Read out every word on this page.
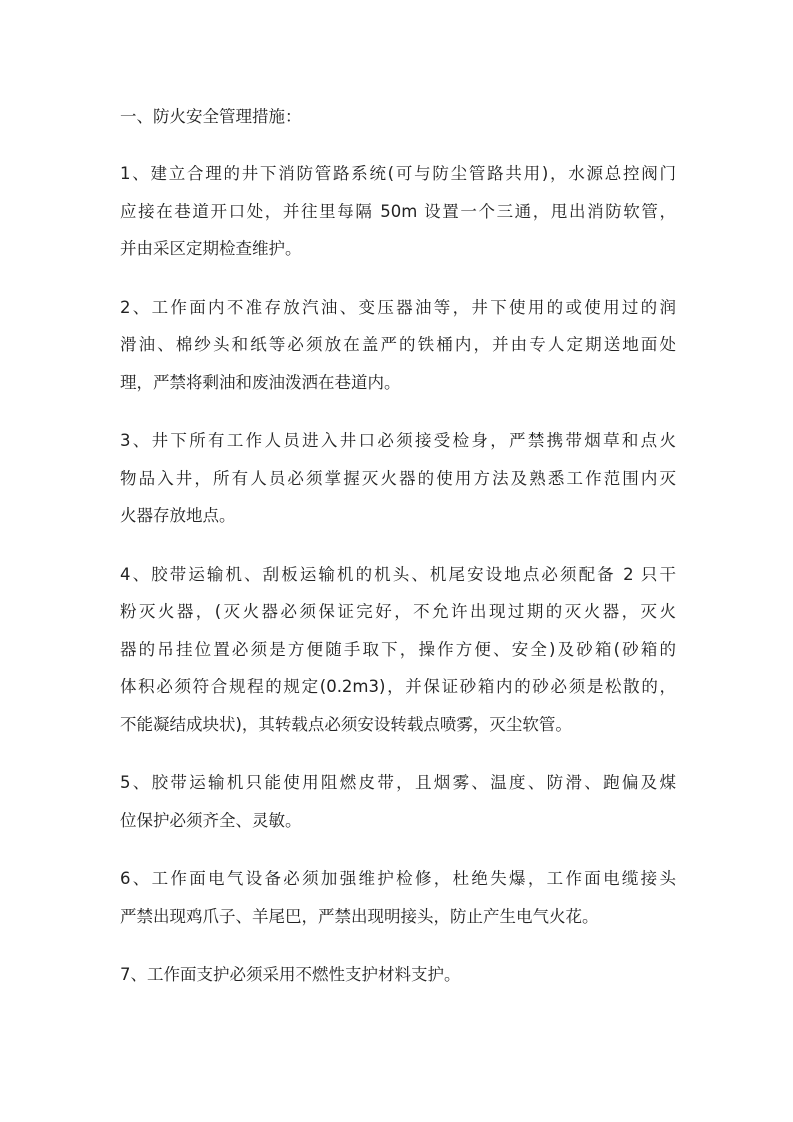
一、防火安全管理措施：
1、建立合理的井下消防管路系统(可与防尘管路共用)，水源总控阀门
应接在巷道开口处，并往里每隔 50m 设置一个三通，甩出消防软管，
并由采区定期检查维护。
2、工作面内不准存放汽油、变压器油等，井下使用的或使用过的润
滑油、棉纱头和纸等必须放在盖严的铁桶内，并由专人定期送地面处
理，严禁将剩油和废油泼洒在巷道内。
3、井下所有工作人员进入井口必须接受检身，严禁携带烟草和点火
物品入井，所有人员必须掌握灭火器的使用方法及熟悉工作范围内灭
火器存放地点。
4、胶带运输机、刮板运输机的机头、机尾安设地点必须配备 2 只干
粉灭火器，(灭火器必须保证完好，不允许出现过期的灭火器，灭火
器的吊挂位置必须是方便随手取下，操作方便、安全)及砂箱(砂箱的
体积必须符合规程的规定(0.2m3)，并保证砂箱内的砂必须是松散的，
不能凝结成块状)，其转载点必须安设转载点喷雾，灭尘软管。
5、胶带运输机只能使用阻燃皮带，且烟雾、温度、防滑、跑偏及煤
位保护必须齐全、灵敏。
6、工作面电气设备必须加强维护检修，杜绝失爆，工作面电缆接头
严禁出现鸡爪子、羊尾巴，严禁出现明接头，防止产生电气火花。
7、工作面支护必须采用不燃性支护材料支护。
